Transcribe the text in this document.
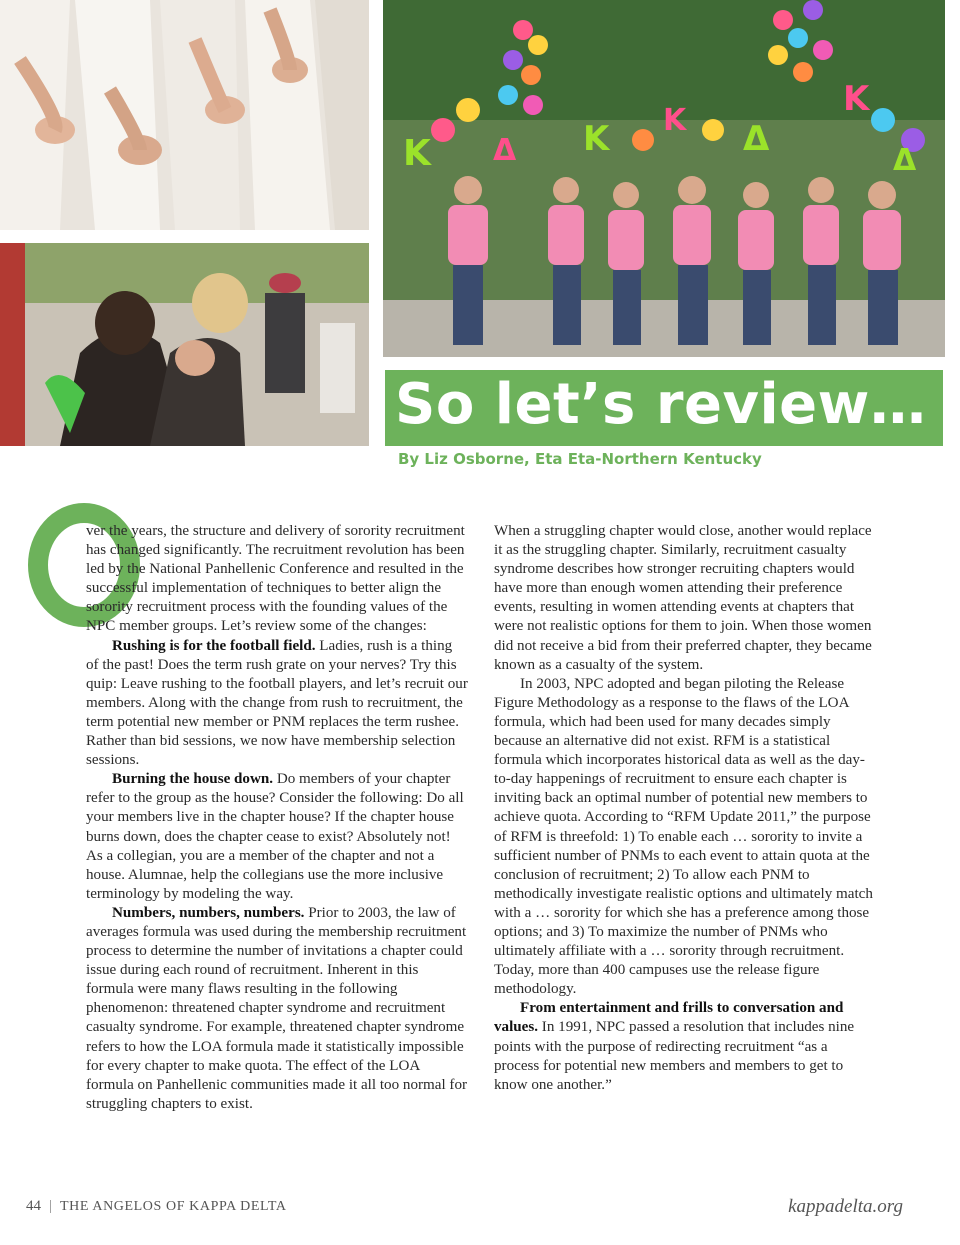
K Δ K K Δ
K
Δ
So let’s review…
By Liz Osborne, Eta Eta-Northern Kentucky

ver the years, the structure and delivery of sorority recruitment has changed significantly. The recruitment revolution has been led by the National Panhellenic Conference and resulted in the successful implementation of techniques to better align the sorority recruitment process with the founding values of the NPC member groups. Let’s review some of the changes:

Rushing is for the football field. Ladies, rush is a thing of the past! Does the term rush grate on your nerves? Try this quip: Leave rushing to the football players, and let’s recruit our members. Along with the change from rush to recruitment, the term potential new member or PNM replaces the term rushee. Rather than bid sessions, we now have membership selection sessions.

Burning the house down. Do members of your chapter refer to the group as the house? Consider the following: Do all your members live in the chapter house? If the chapter house burns down, does the chapter cease to exist? Absolutely not! As a collegian, you are a member of the chapter and not a house. Alumnae, help the collegians use the more inclusive terminology by modeling the way.

Numbers, numbers, numbers. Prior to 2003, the law of averages formula was used during the membership recruitment process to determine the number of invitations a chapter could issue during each round of recruitment. Inherent in this formula were many flaws resulting in the following phenomenon: threatened chapter syndrome and recruitment casualty syndrome. For example, threatened chapter syndrome refers to how the LOA formula made it statistically impossible for every chapter to make quota. The effect of the LOA formula on Panhellenic communities made it all too normal for struggling chapters to exist.

When a struggling chapter would close, another would replace it as the struggling chapter. Similarly, recruitment casualty syndrome describes how stronger recruiting chapters would have more than enough women attending their preference events, resulting in women attending events at chapters that were not realistic options for them to join. When those women did not receive a bid from their preferred chapter, they became known as a casualty of the system.

In 2003, NPC adopted and began piloting the Release Figure Methodology as a response to the flaws of the LOA formula, which had been used for many decades simply because an alternative did not exist. RFM is a statistical formula which incorporates historical data as well as the day-to-day happenings of recruitment to ensure each chapter is inviting back an optimal number of potential new members to achieve quota. According to “RFM Update 2011,” the purpose of RFM is threefold: 1) To enable each … sorority to invite a sufficient number of PNMs to each event to attain quota at the conclusion of recruitment; 2) To allow each PNM to methodically investigate realistic options and ultimately match with a … sorority for which she has a preference among those options; and 3) To maximize the number of PNMs who ultimately affiliate with a … sorority through recruitment. Today, more than 400 campuses use the release figure methodology.

From entertainment and frills to conversation and values. In 1991, NPC passed a resolution that includes nine points with the purpose of redirecting recruitment “as a process for potential new members and members to get to know one another.”

44 | THE ANGELOS OF KAPPA DELTA	kappadelta.org
